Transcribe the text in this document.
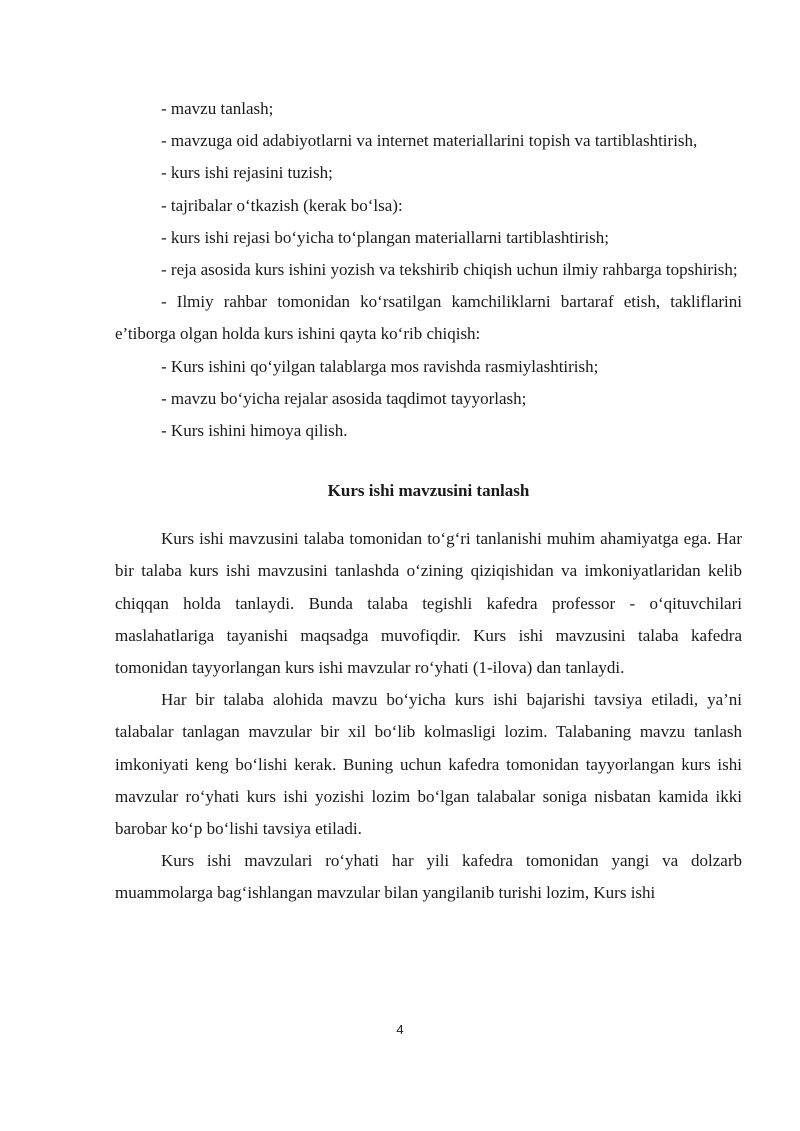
- mavzu tanlash;

- mavzuga oid adabiyotlarni va internet materiallarini topish va tartiblashtirish,

- kurs ishi rejasini tuzish;

- tajribalar o‘tkazish (kerak bo‘lsa):

- kurs ishi rejasi bo‘yicha to‘plangan materiallarni tartiblashtirish;

- reja asosida kurs ishini yozish va tekshirib chiqish uchun ilmiy rahbarga topshirish;

- Ilmiy rahbar tomonidan ko‘rsatilgan kamchiliklarni bartaraf etish, takliflarini e’tiborga olgan holda kurs ishini qayta ko‘rib chiqish:

- Kurs ishini qo‘yilgan talablarga mos ravishda rasmiylashtirish;

- mavzu bo‘yicha rejalar asosida taqdimot tayyorlash;

- Kurs ishini himoya qilish.

Kurs ishi mavzusini tanlash

Kurs ishi mavzusini talaba tomonidan to‘g‘ri tanlanishi muhim ahamiyatga ega. Har bir talaba kurs ishi mavzusini tanlashda o‘zining qiziqishidan va imkoniyatlaridan kelib chiqqan holda tanlaydi. Bunda talaba tegishli kafedra professor - o‘qituvchilari maslahatlariga tayanishi maqsadga muvofiqdir. Kurs ishi mavzusini talaba kafedra tomonidan tayyorlangan kurs ishi mavzular ro‘yhati (1-ilova) dan tanlaydi.

Har bir talaba alohida mavzu bo‘yicha kurs ishi bajarishi tavsiya etiladi, ya’ni talabalar tanlagan mavzular bir xil bo‘lib kolmasligi lozim. Talabaning mavzu tanlash imkoniyati keng bo‘lishi kerak. Buning uchun kafedra tomonidan tayyorlangan kurs ishi mavzular ro‘yhati kurs ishi yozishi lozim bo‘lgan talabalar soniga nisbatan kamida ikki barobar ko‘p bo‘lishi tavsiya etiladi.

Kurs ishi mavzulari ro‘yhati har yili kafedra tomonidan yangi va dolzarb muammolarga bag‘ishlangan mavzular bilan yangilanib turishi lozim, Kurs ishi

4
